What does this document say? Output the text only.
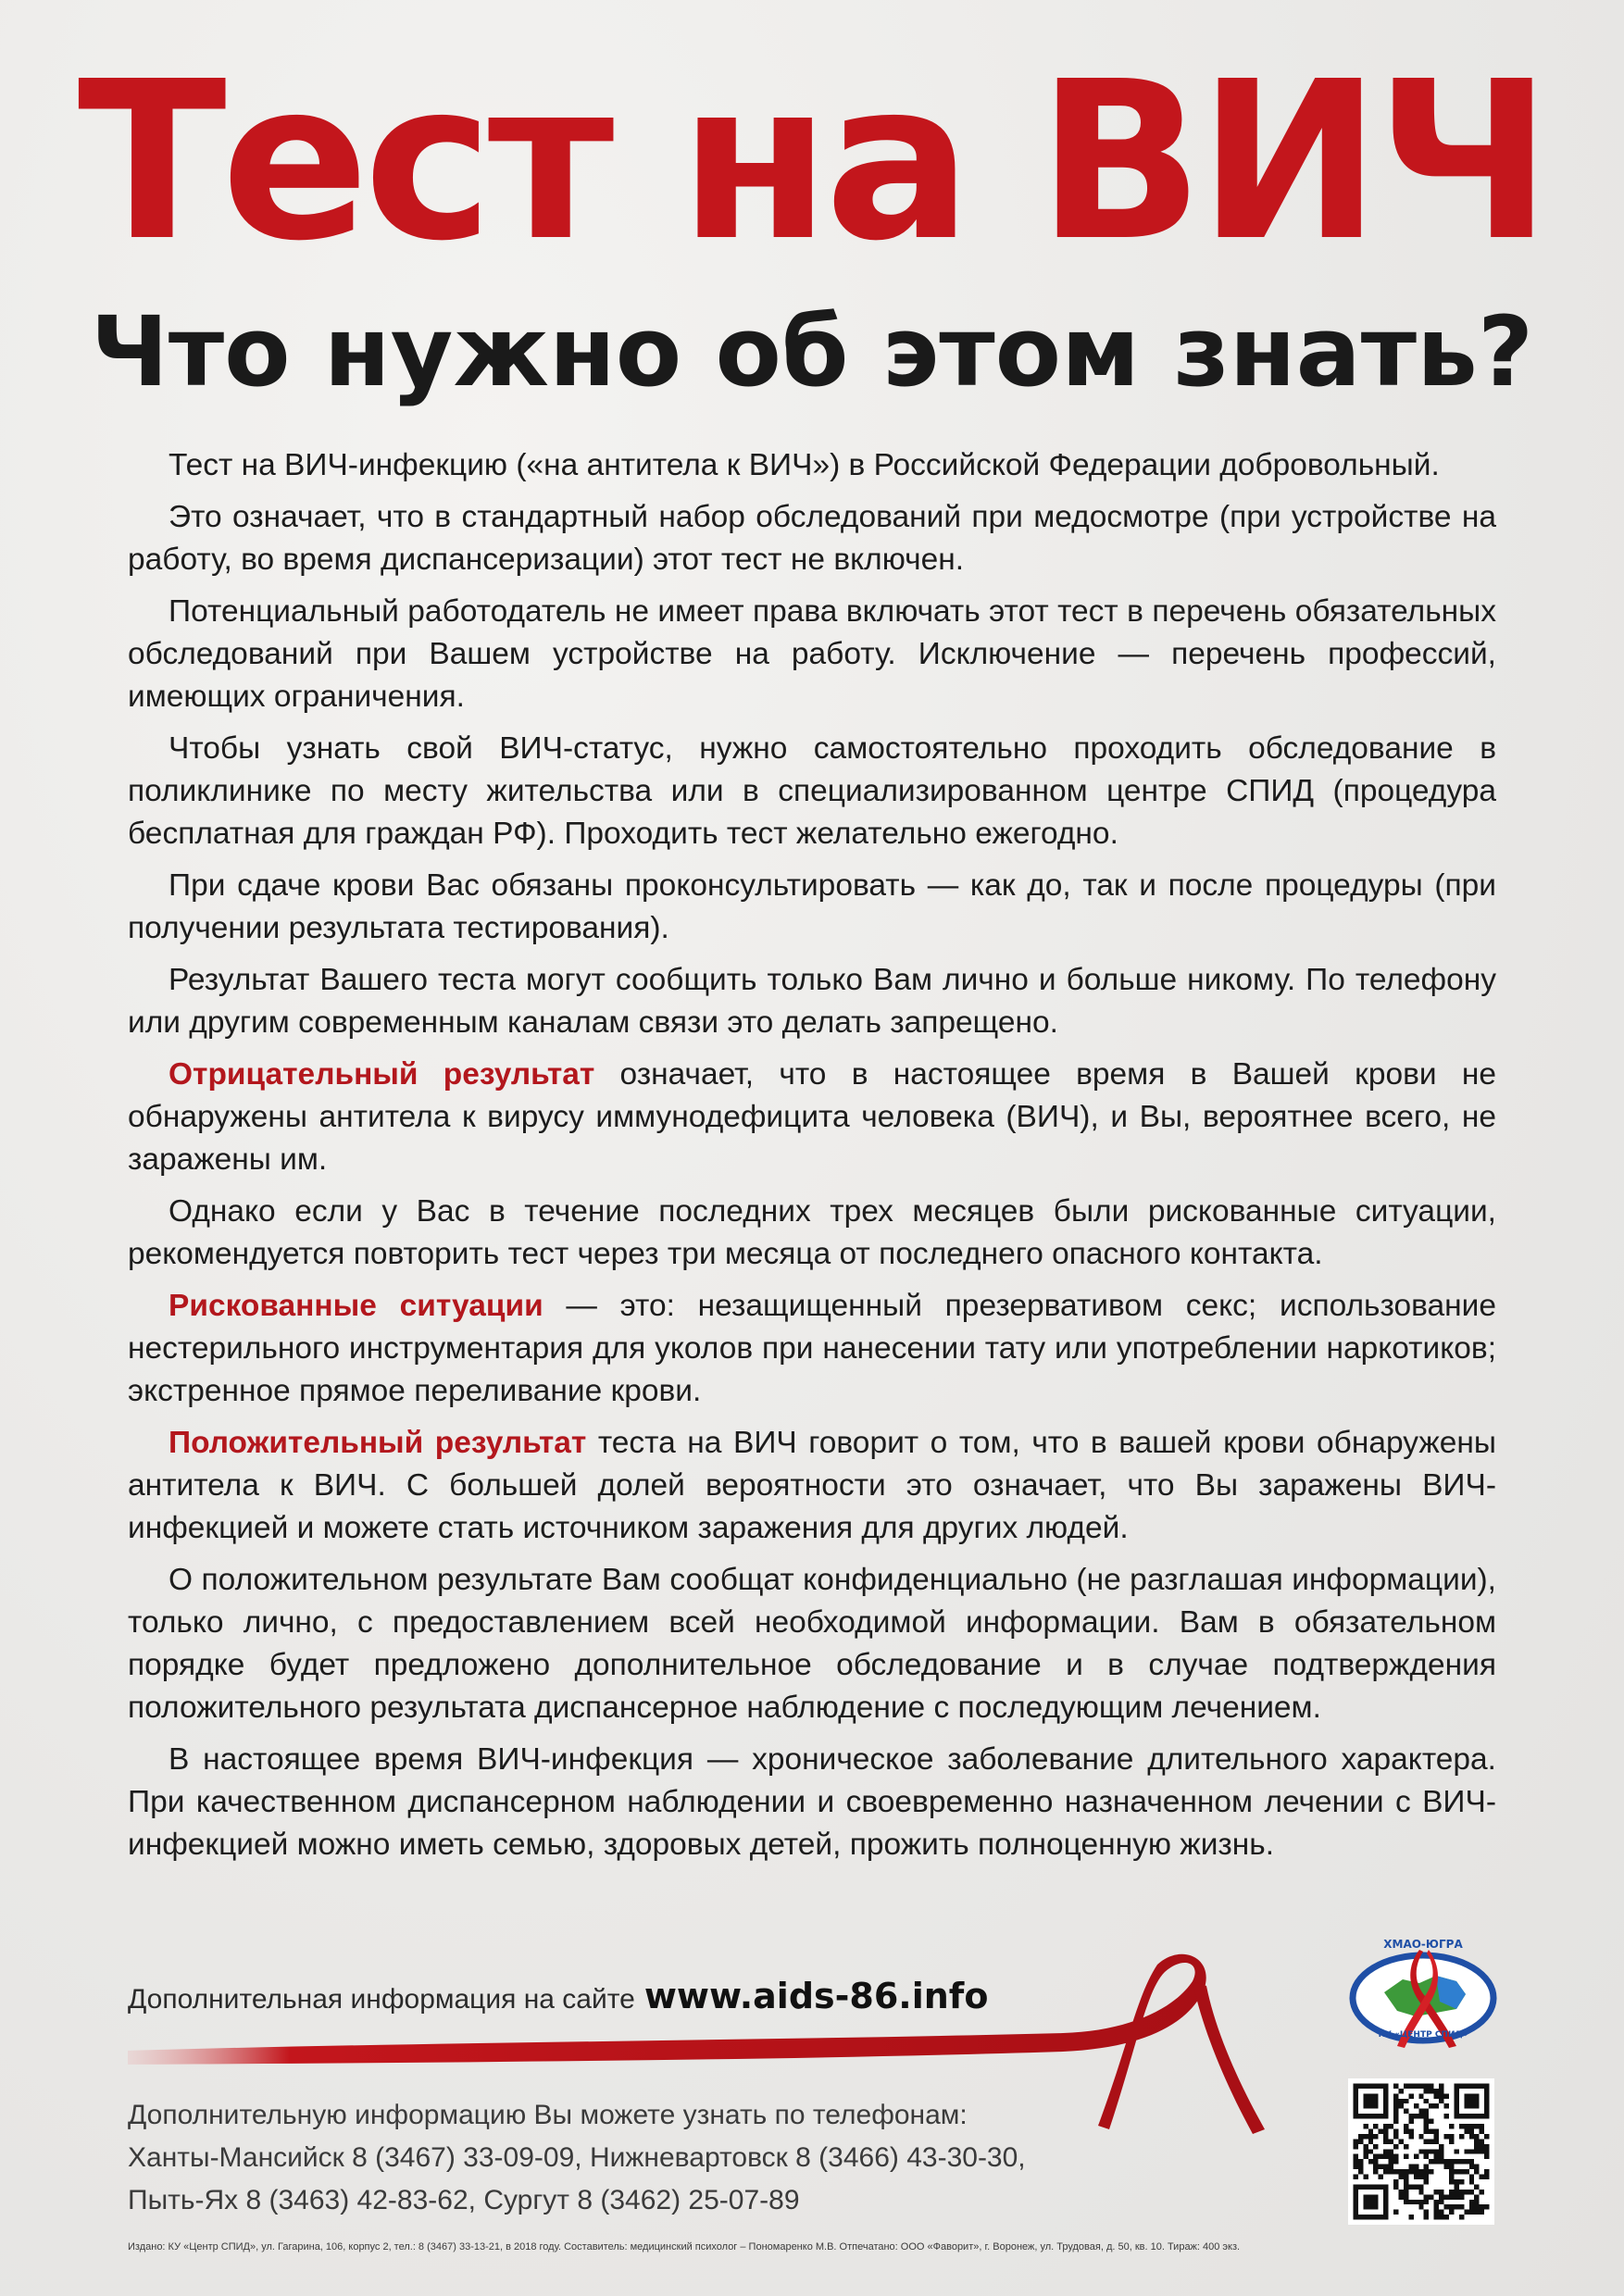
Тест на ВИЧ
Что нужно об этом знать?

Тест на ВИЧ-инфекцию («на антитела к ВИЧ») в Российской Федерации добровольный.

Это означает, что в стандартный набор обследований при медосмотре (при устройстве на работу, во время диспансеризации) этот тест не включен.

Потенциальный работодатель не имеет права включать этот тест в перечень обязательных обследований при Вашем устройстве на работу. Исключение — перечень профессий, имеющих ограничения.

Чтобы узнать свой ВИЧ-статус, нужно самостоятельно проходить обследование в поликлинике по месту жительства или в специализированном центре СПИД (процедура бесплатная для граждан РФ). Проходить тест желательно ежегодно.

При сдаче крови Вас обязаны проконсультировать — как до, так и после процедуры (при получении результата тестирования).

Результат Вашего теста могут сообщить только Вам лично и больше никому. По телефону или другим современным каналам связи это делать запрещено.

Отрицательный результат означает, что в настоящее время в Вашей крови не обнаружены антитела к вирусу иммунодефицита человека (ВИЧ), и Вы, вероятнее всего, не заражены им.

Однако если у Вас в течение последних трех месяцев были рискованные ситуации, рекомендуется повторить тест через три месяца от последнего опасного контакта.

Рискованные ситуации — это: незащищенный презервативом секс; использование нестерильного инструментария для уколов при нанесении тату или употреблении наркотиков; экстренное прямое переливание крови.

Положительный результат теста на ВИЧ говорит о том, что в вашей крови обнаружены антитела к ВИЧ. С большей долей вероятности это означает, что Вы заражены ВИЧ-инфекцией и можете стать источником заражения для других людей.

О положительном результате Вам сообщат конфиденциально (не разглашая информации), только лично, с предоставлением всей необходимой информации. Вам в обязательном порядке будет предложено дополнительное обследование и в случае подтверждения положительного результата диспансерное наблюдение с последующим лечением.

В настоящее время ВИЧ-инфекция — хроническое заболевание длительного характера. При качественном диспансерном наблюдении и своевременно назначенном лечении с ВИЧ-инфекцией можно иметь семью, здоровых детей, прожить полноценную жизнь.

Дополнительная информация на сайте www.aids-86.info
ХМАО-ЮГРА
КУ «ЦЕНТР СПИД»
Дополнительную информацию Вы можете узнать по телефонам:
Ханты-Мансийск 8 (3467) 33-09-09, Нижневартовск 8 (3466) 43-30-30,
Пыть-Ях 8 (3463) 42-83-62, Сургут 8 (3462) 25-07-89
Издано: КУ «Центр СПИД», ул. Гагарина, 106, корпус 2, тел.: 8 (3467) 33-13-21, в 2018 году. Составитель: медицинский психолог – Пономаренко М.В. Отпечатано: ООО «Фаворит», г. Воронеж, ул. Трудовая, д. 50, кв. 10. Тираж: 400 экз.
